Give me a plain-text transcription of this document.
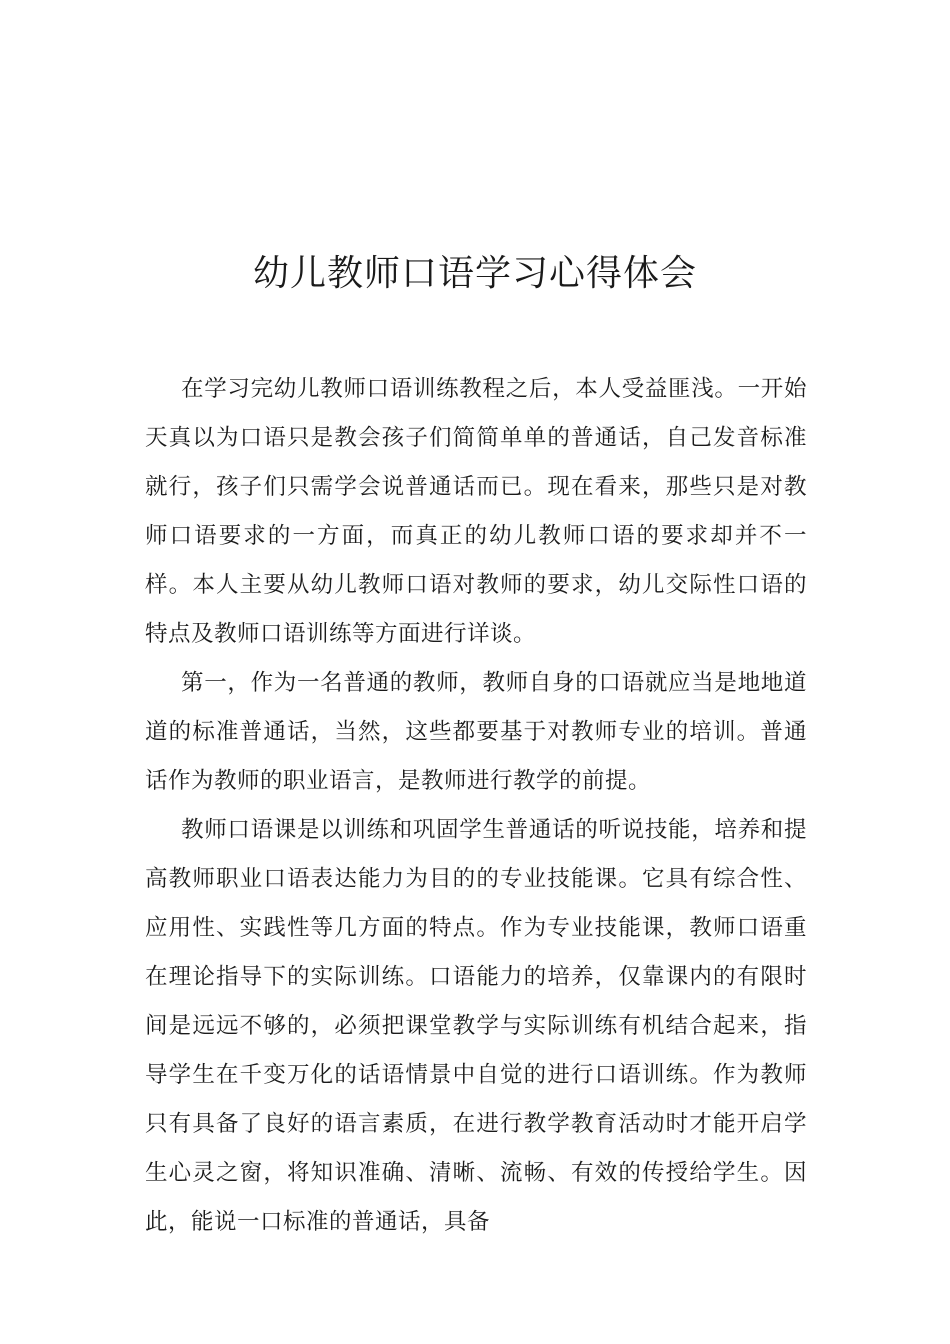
幼儿教师口语学习心得体会

在学习完幼儿教师口语训练教程之后，本人受益匪浅。一开始天真以为口语只是教会孩子们简简单单的普通话，自己发音标准就行，孩子们只需学会说普通话而已。现在看来，那些只是对教师口语要求的一方面，而真正的幼儿教师口语的要求却并不一样。本人主要从幼儿教师口语对教师的要求，幼儿交际性口语的特点及教师口语训练等方面进行详谈。

第一，作为一名普通的教师，教师自身的口语就应当是地地道道的标准普通话，当然，这些都要基于对教师专业的培训。普通话作为教师的职业语言，是教师进行教学的前提。

教师口语课是以训练和巩固学生普通话的听说技能，培养和提高教师职业口语表达能力为目的的专业技能课。它具有综合性、应用性、实践性等几方面的特点。作为专业技能课，教师口语重在理论指导下的实际训练。口语能力的培养，仅靠课内的有限时间是远远不够的，必须把课堂教学与实际训练有机结合起来，指导学生在千变万化的话语情景中自觉的进行口语训练。作为教师只有具备了良好的语言素质，在进行教学教育活动时才能开启学生心灵之窗，将知识准确、清晰、流畅、有效的传授给学生。因此，能说一口标准的普通话，具备
